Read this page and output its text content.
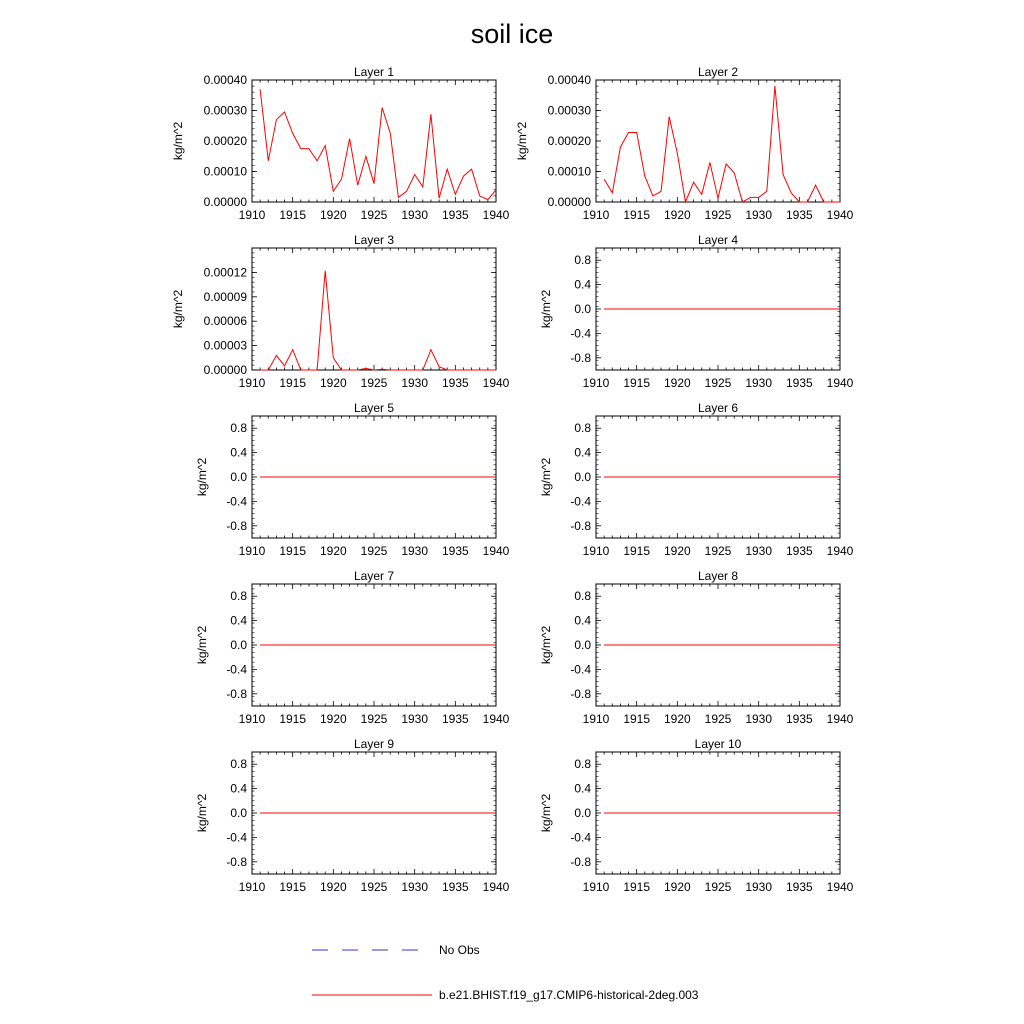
soil ice
Layer 1
1910 1915 1920 1925 1930 1935 1940
0.00000
0.00010
0.00020
0.00030
0.00040
kg/m^2
Layer 2
1910 1915 1920 1925 1930 1935 1940
0.00000
0.00010
0.00020
0.00030
0.00040
kg/m^2
Layer 3
1910 1915 1920 1925 1930 1935 1940
0.00000
0.00003
0.00006
0.00009
0.00012
kg/m^2
Layer 4
1910 1915 1920 1925 1930 1935 1940
-0.8
-0.4
0.0
0.4
0.8
kg/m^2
Layer 5
1910 1915 1920 1925 1930 1935 1940
-0.8
-0.4
0.0
0.4
0.8
kg/m^2
Layer 6
1910 1915 1920 1925 1930 1935 1940
-0.8
-0.4
0.0
0.4
0.8
kg/m^2
Layer 7
1910 1915 1920 1925 1930 1935 1940
-0.8
-0.4
0.0
0.4
0.8
kg/m^2
Layer 8
1910 1915 1920 1925 1930 1935 1940
-0.8
-0.4
0.0
0.4
0.8
kg/m^2
Layer 9
1910 1915 1920 1925 1930 1935 1940
-0.8
-0.4
0.0
0.4
0.8
kg/m^2
Layer 10
1910 1915 1920 1925 1930 1935 1940
-0.8
-0.4
0.0
0.4
0.8
kg/m^2
No Obs
b.e21.BHIST.f19_g17.CMIP6-historical-2deg.003
